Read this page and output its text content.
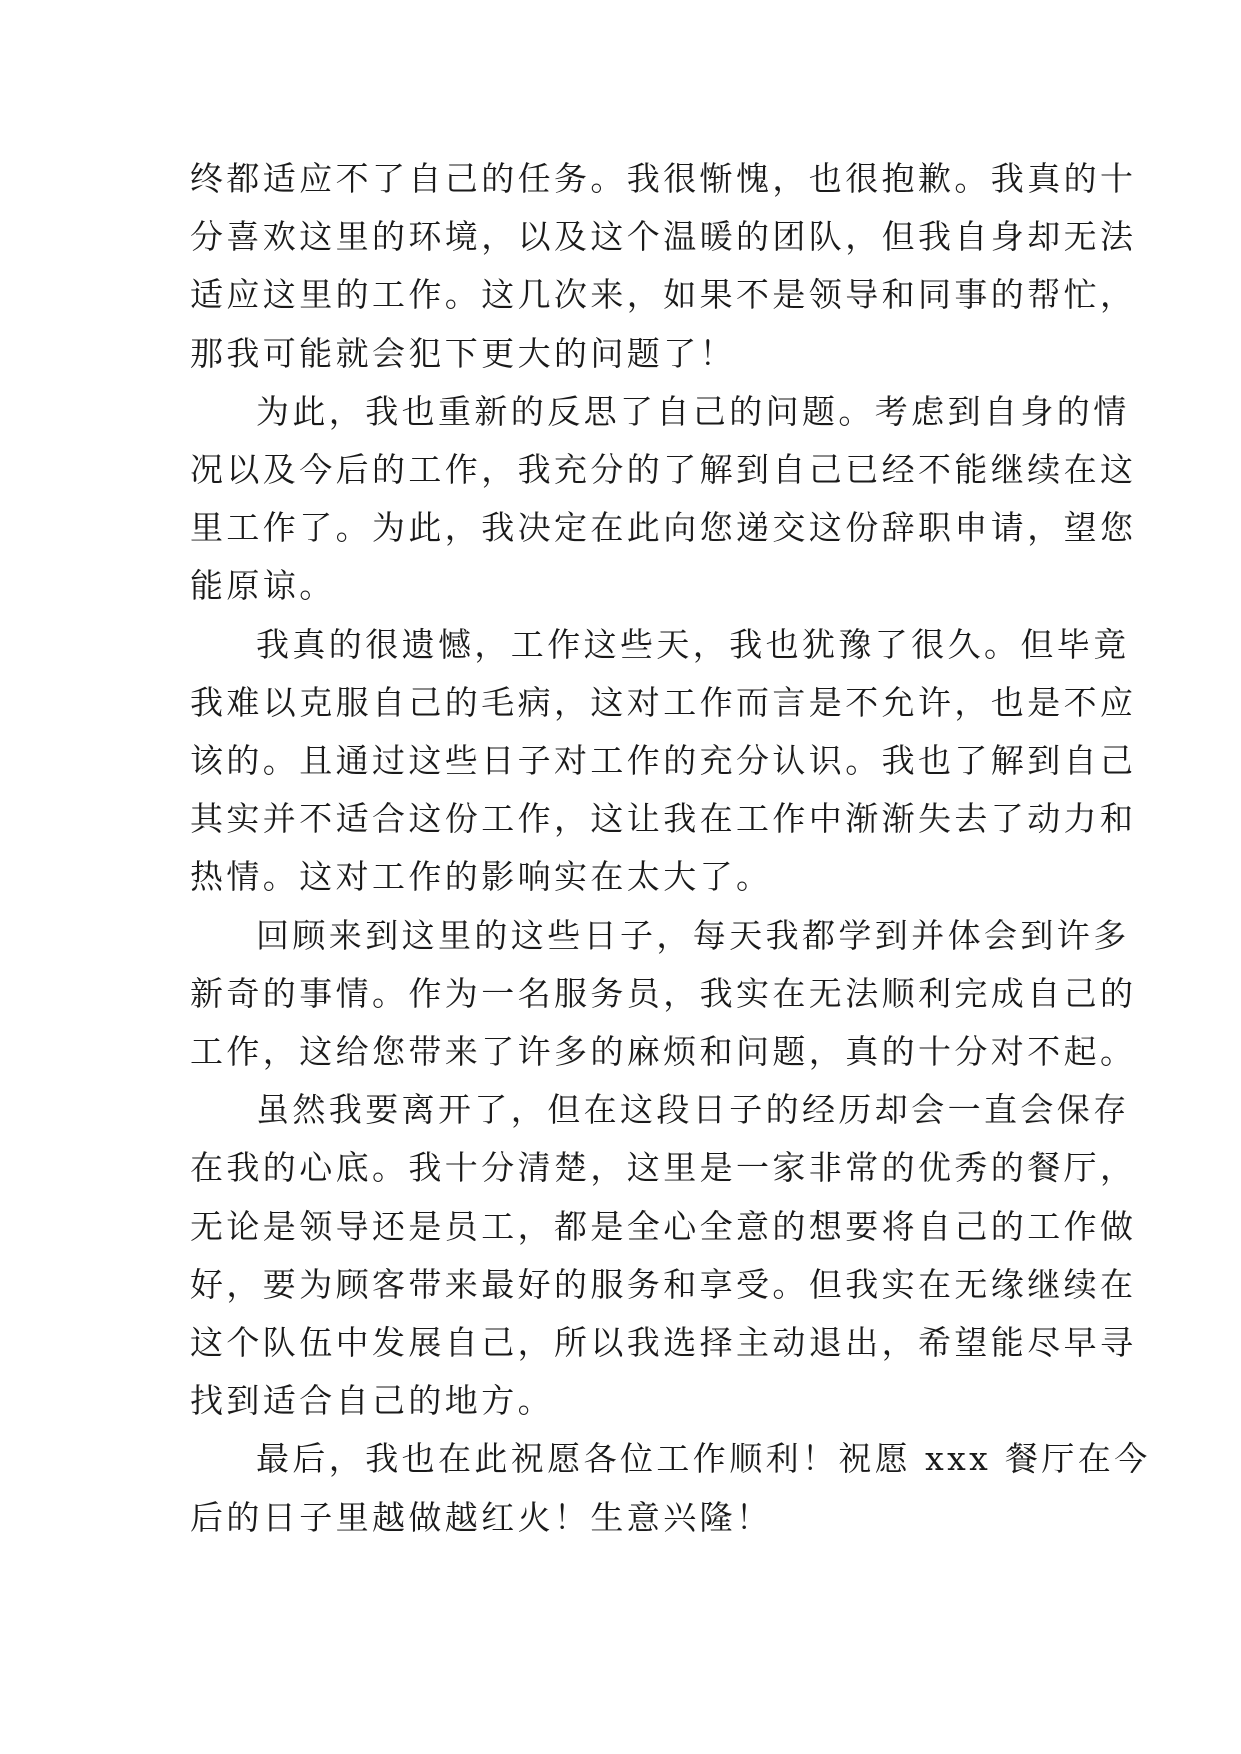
终都适应不了自己的任务。我很惭愧，也很抱歉。我真的十
分喜欢这里的环境，以及这个温暖的团队，但我自身却无法
适应这里的工作。这几次来，如果不是领导和同事的帮忙，
那我可能就会犯下更大的问题了！
为此，我也重新的反思了自己的问题。考虑到自身的情
况以及今后的工作，我充分的了解到自己已经不能继续在这
里工作了。为此，我决定在此向您递交这份辞职申请，望您
能原谅。
我真的很遗憾，工作这些天，我也犹豫了很久。但毕竟
我难以克服自己的毛病，这对工作而言是不允许，也是不应
该的。且通过这些日子对工作的充分认识。我也了解到自己
其实并不适合这份工作，这让我在工作中渐渐失去了动力和
热情。这对工作的影响实在太大了。
回顾来到这里的这些日子，每天我都学到并体会到许多
新奇的事情。作为一名服务员，我实在无法顺利完成自己的
工作，这给您带来了许多的麻烦和问题，真的十分对不起。
虽然我要离开了，但在这段日子的经历却会一直会保存
在我的心底。我十分清楚，这里是一家非常的优秀的餐厅，
无论是领导还是员工，都是全心全意的想要将自己的工作做
好，要为顾客带来最好的服务和享受。但我实在无缘继续在
这个队伍中发展自己，所以我选择主动退出，希望能尽早寻
找到适合自己的地方。
最后，我也在此祝愿各位工作顺利！祝愿 xxx 餐厅在今
后的日子里越做越红火！生意兴隆！
